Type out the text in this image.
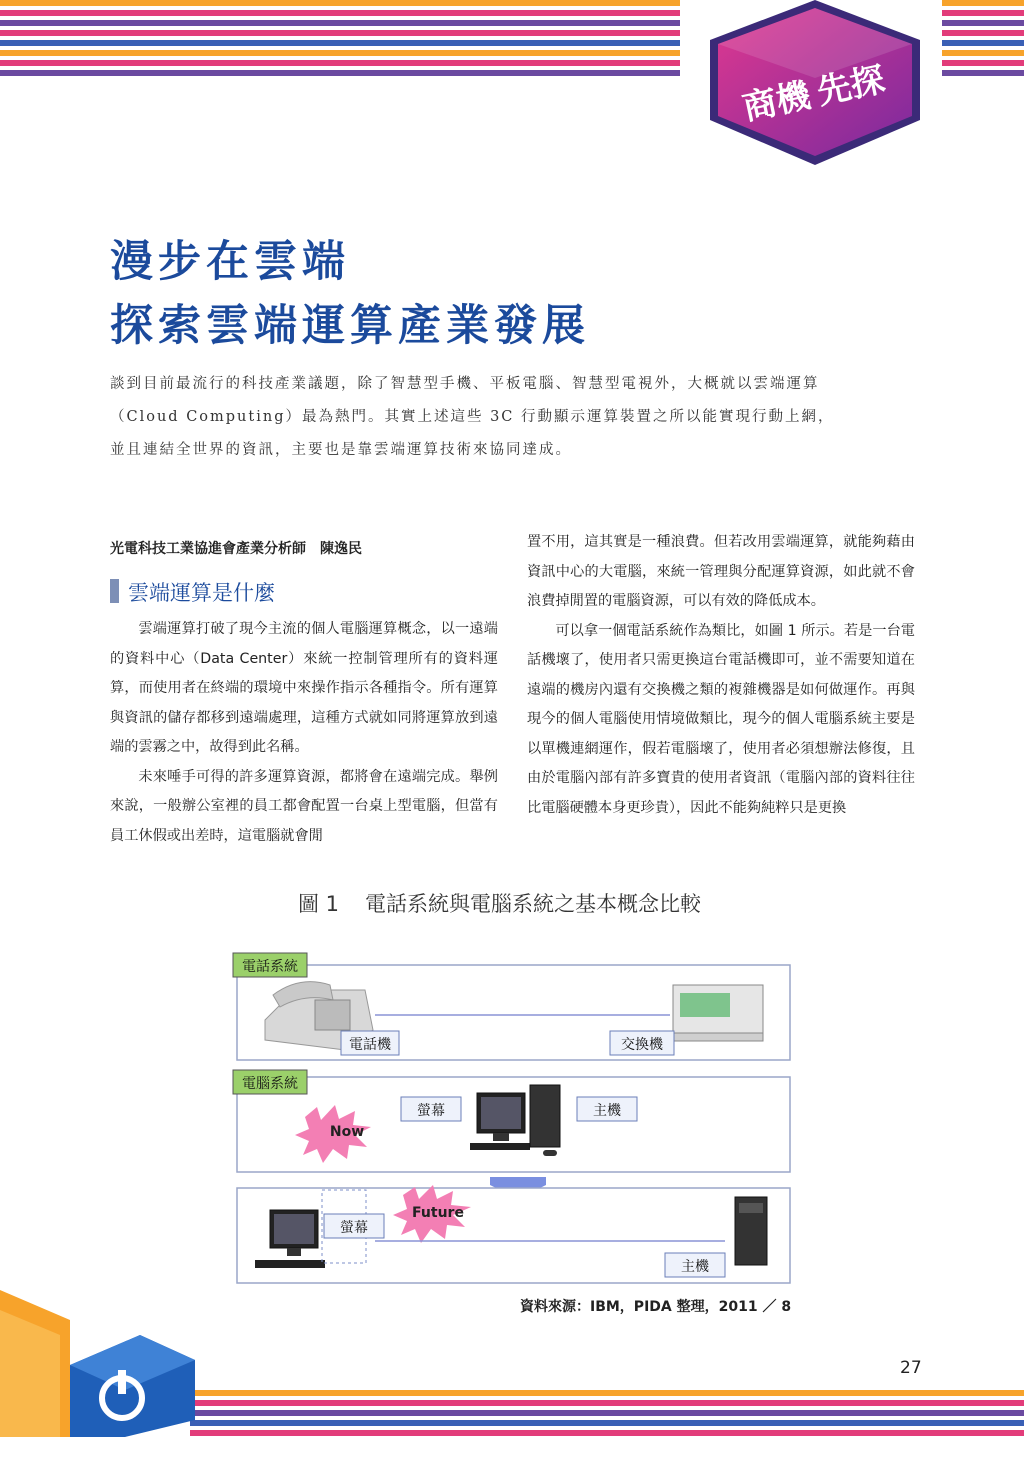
商機先探
漫步在雲端
探索雲端運算產業發展
談到目前最流行的科技產業議題，除了智慧型手機、平板電腦、智慧型電視外，大概就以雲端運算（Cloud Computing）最為熱門。其實上述這些 3C 行動顯示運算裝置之所以能實現行動上網，並且連結全世界的資訊，主要也是靠雲端運算技術來協同達成。
光電科技工業協進會產業分析師　陳逸民
雲端運算是什麼

雲端運算打破了現今主流的個人電腦運算概念，以一遠端的資料中心（Data Center）來統一控制管理所有的資料運算，而使用者在終端的環境中來操作指示各種指令。所有運算與資訊的儲存都移到遠端處理，這種方式就如同將運算放到遠端的雲霧之中，故得到此名稱。

未來唾手可得的許多運算資源，都將會在遠端完成。舉例來說，一般辦公室裡的員工都會配置一台桌上型電腦，但當有員工休假或出差時，這電腦就會閒

置不用，這其實是一種浪費。但若改用雲端運算，就能夠藉由資訊中心的大電腦，來統一管理與分配運算資源，如此就不會浪費掉閒置的電腦資源，可以有效的降低成本。

可以拿一個電話系統作為類比，如圖 1 所示。若是一台電話機壞了，使用者只需更換這台電話機即可，並不需要知道在遠端的機房內還有交換機之類的複雜機器是如何做運作。再與現今的個人電腦使用情境做類比，現今的個人電腦系統主要是以單機連網運作，假若電腦壞了，使用者必須想辦法修復，且由於電腦內部有許多寶貴的使用者資訊（電腦內部的資料往往比電腦硬體本身更珍貴），因此不能夠純粹只是更換

圖 1 電話系統與電腦系統之基本概念比較
電話系統
電話機	交換機
電腦系統
Now
螢幕	主機
Future
螢幕
主機
資料來源：IBM，PIDA 整理，2011 ／ 8
27
